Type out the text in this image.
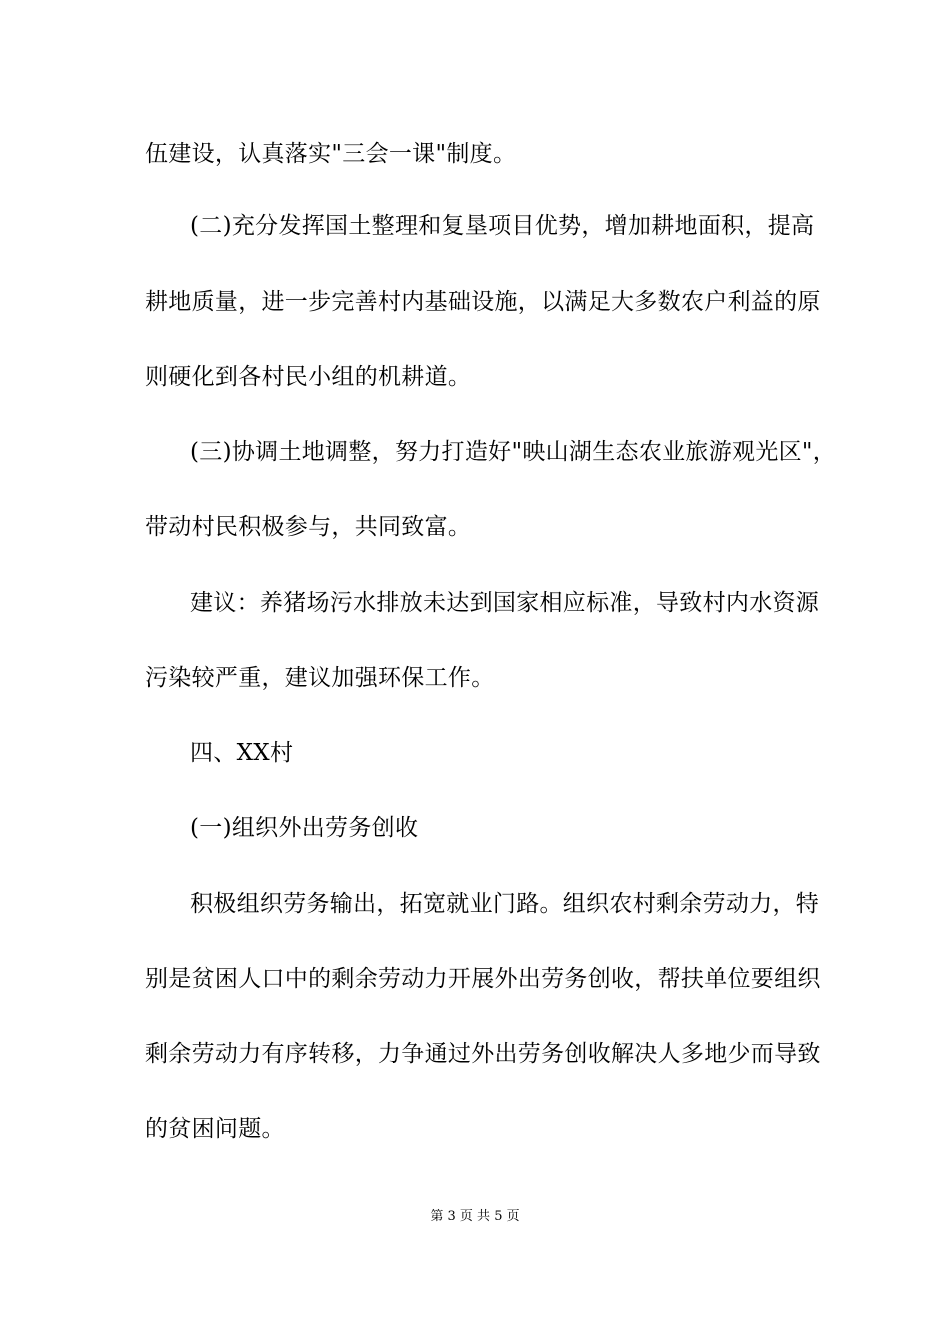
伍建设，认真落实"三会一课"制度。
(二)充分发挥国土整理和复垦项目优势，增加耕地面积，提高
耕地质量，进一步完善村内基础设施，以满足大多数农户利益的原
则硬化到各村民小组的机耕道。
(三)协调土地调整，努力打造好"映山湖生态农业旅游观光区"，
带动村民积极参与，共同致富。
建议：养猪场污水排放未达到国家相应标准，导致村内水资源
污染较严重，建议加强环保工作。
四、XX村
(一)组织外出劳务创收
积极组织劳务输出，拓宽就业门路。组织农村剩余劳动力，特
别是贫困人口中的剩余劳动力开展外出劳务创收，帮扶单位要组织
剩余劳动力有序转移，力争通过外出劳务创收解决人多地少而导致
的贫困问题。
第 3 页 共 5 页
